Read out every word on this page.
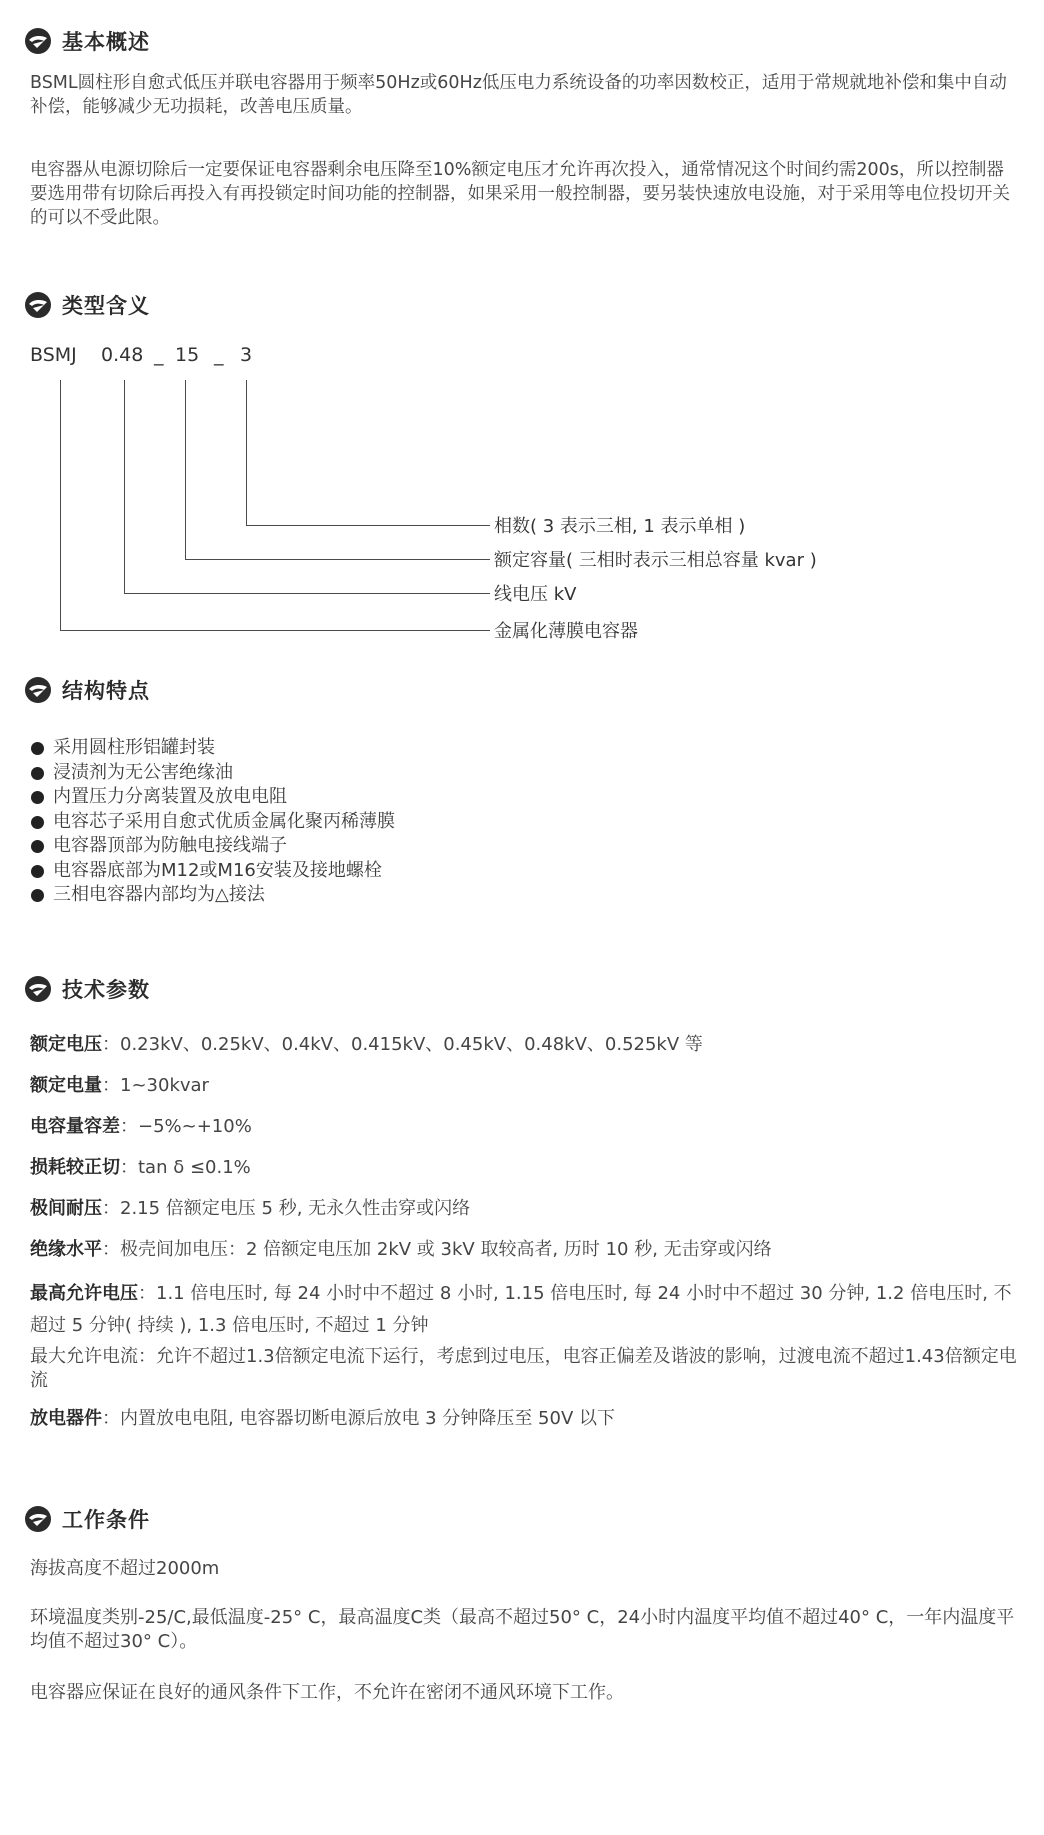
基本概述
BSML圆柱形自愈式低压并联电容器用于频率50Hz或60Hz低压电力系统设备的功率因数校正，适用于常规就地补偿和集中自动补偿，能够减少无功损耗，改善电压质量。
电容器从电源切除后一定要保证电容器剩余电压降至10%额定电压才允许再次投入，通常情况这个时间约需200s，所以控制器要选用带有切除后再投入有再投锁定时间功能的控制器，如果采用一般控制器，要另装快速放电设施，对于采用等电位投切开关的可以不受此限。
类型含义
BSMJ 0.48 _ 15 _ 3
相数( 3 表示三相, 1 表示单相 )
额定容量( 三相时表示三相总容量 kvar )
线电压 kV
金属化薄膜电容器
结构特点
采用圆柱形铝罐封装
浸渍剂为无公害绝缘油
内置压力分离装置及放电电阻
电容芯子采用自愈式优质金属化聚丙稀薄膜
电容器顶部为防触电接线端子
电容器底部为M12或M16安装及接地螺栓
三相电容器内部均为△接法
技术参数
额定电压：0.23kV、0.25kV、0.4kV、0.415kV、0.45kV、0.48kV、0.525kV 等
额定电量：1~30kvar
电容量容差：−5%~+10%
损耗较正切：tan δ ≤0.1%
极间耐压：2.15 倍额定电压 5 秒, 无永久性击穿或闪络
绝缘水平：极壳间加电压：2 倍额定电压加 2kV 或 3kV 取较高者, 历时 10 秒, 无击穿或闪络
最高允许电压：1.1 倍电压时, 每 24 小时中不超过 8 小时, 1.15 倍电压时, 每 24 小时中不超过 30 分钟, 1.2 倍电压时, 不超过 5 分钟( 持续 ), 1.3 倍电压时, 不超过 1 分钟
最大允许电流：允许不超过1.3倍额定电流下运行，考虑到过电压，电容正偏差及谐波的影响，过渡电流不超过1.43倍额定电流
放电器件：内置放电电阻, 电容器切断电源后放电 3 分钟降压至 50V 以下
工作条件
海拔高度不超过2000m
环境温度类别-25/C,最低温度-25° C，最高温度C类（最高不超过50° C，24小时内温度平均值不超过40° C，一年内温度平均值不超过30° C）。
电容器应保证在良好的通风条件下工作，不允许在密闭不通风环境下工作。
